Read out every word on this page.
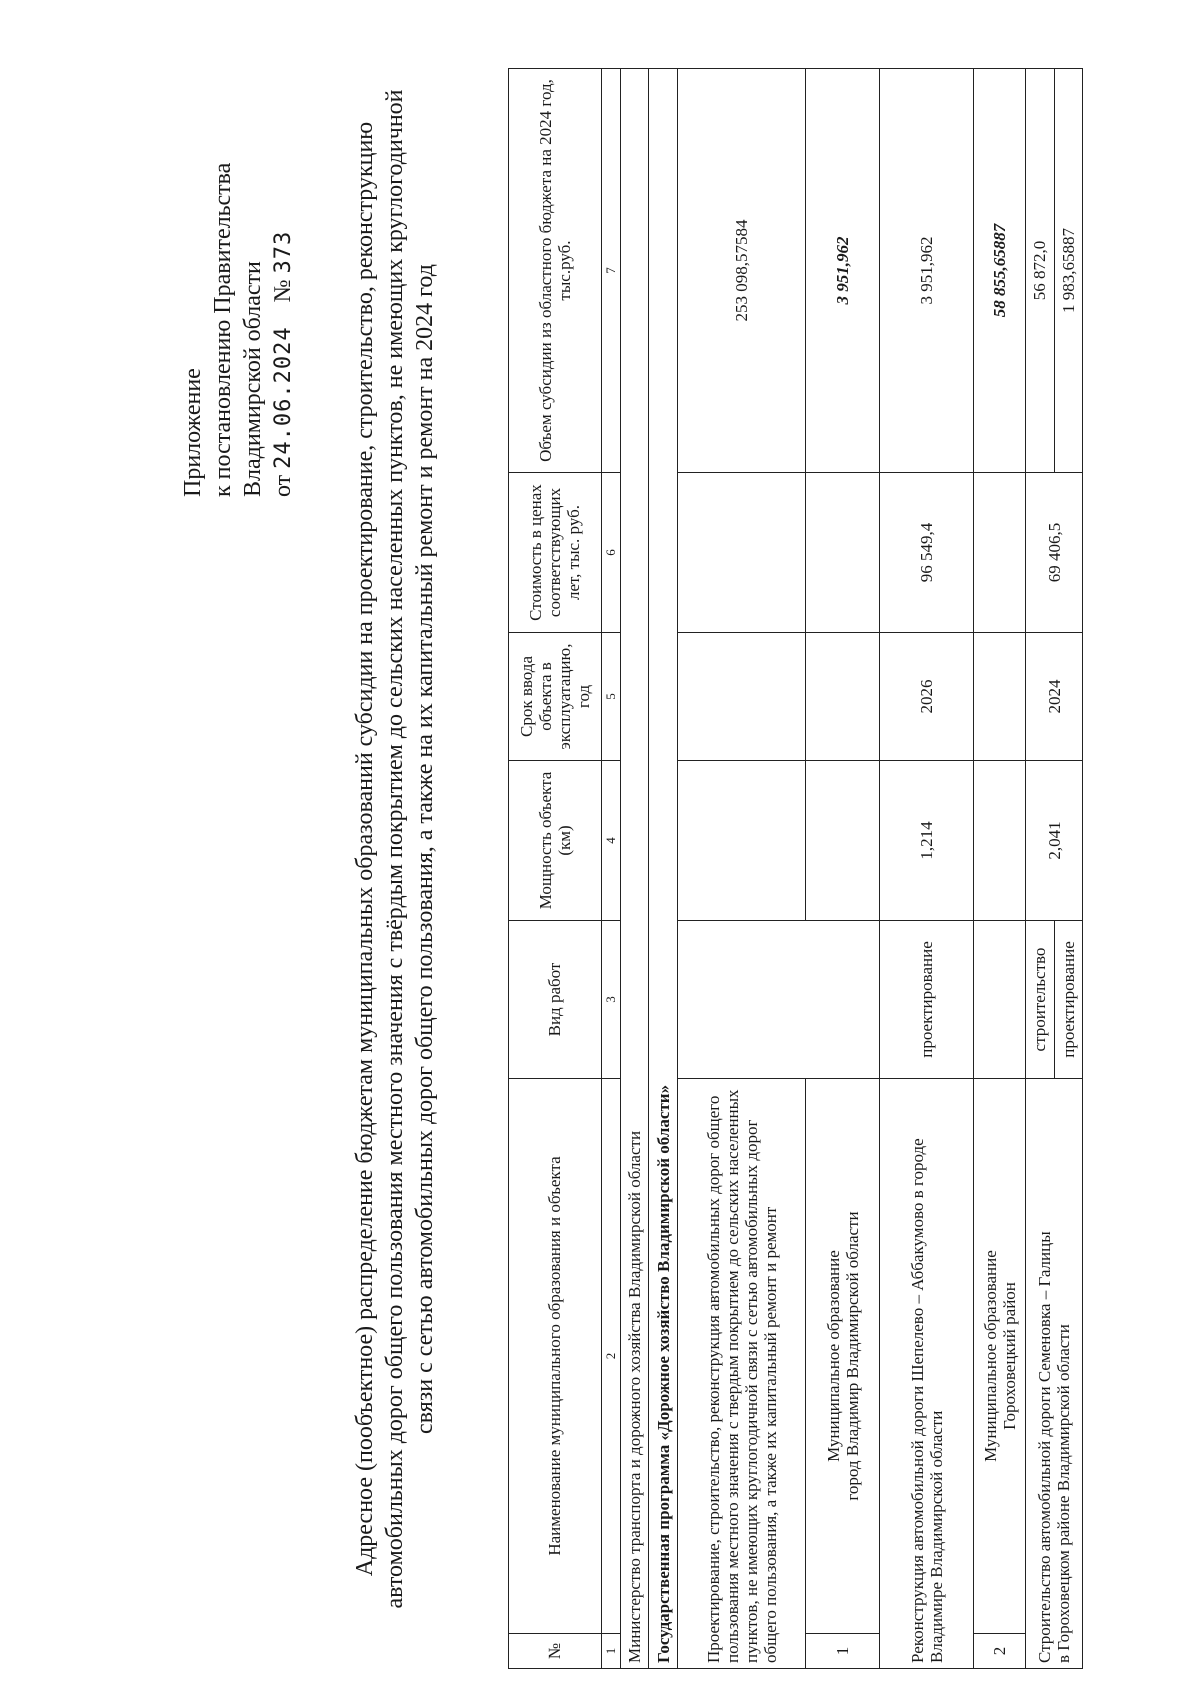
Приложение к постановлению Правительства Владимирской области от 24.06.2024    № 373 Адресное (пообъектное) распределение бюджетам муниципальных образований субсидии на проектирование, строительство, реконструкцию автомобильных дорог общего пользования местного значения с твёрдым покрытием до сельских населенных пунктов, не имеющих круглогодичной связи с сетью автомобильных дорог общего пользования, а также на их капитальный ремонт и ремонт на 2024 год
№	Наименование муниципального образования и объекта	Вид работ	Мощность объекта (км)	Срок ввода объекта в эксплуатацию, год	Стоимость в ценах соответствующих лет, тыс. руб.	Объем субсидии из областного бюджета на 2024 год, тыс.руб.
1	2	3	4	5	6	7
Министерство транспорта и дорожного хозяйства Владимирской области						
Государственная программа «Дорожное хозяйство Владимирской области»						
Проектирование, строительство, реконструкция автомобильных дорог общего пользования местного значения с твердым покрытием до сельских населенных пунктов, не имеющих круглогодичной связи с сетью автомобильных дорог общего пользования, а также их капитальный ремонт и ремонт						253 098,57584
1	Муниципальное образование город Владимир Владимирской области					3 951,962
Реконструкция автомобильной дороги Шепелево – Аббакумово в городе Владимире Владимирской области		проектирование	1,214	2026	96 549,4	3 951,962
2	Муниципальное образование Гороховецкий район					58 855,65887

Строительство автомобильной дороги Семеновка – Галицы в Гороховецком районе Владимирской области		строительство	2,041	2024	69 406,5	56 872,0
		проектирование				1 983,65887
